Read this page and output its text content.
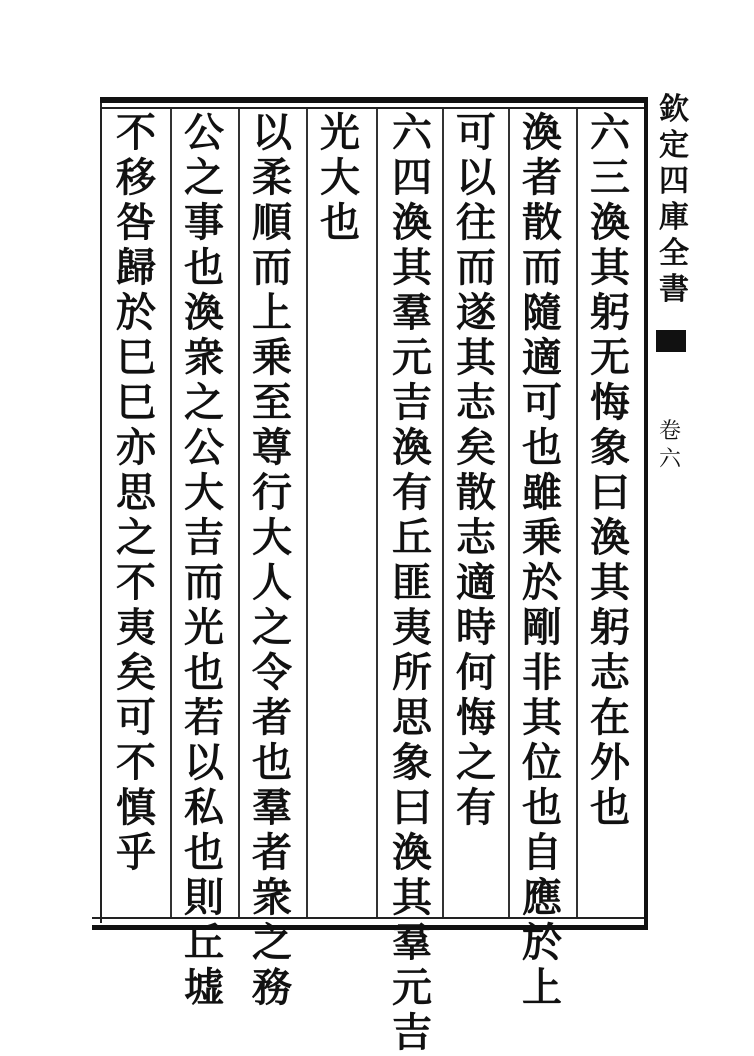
欽
定
四
庫
全
書
卷
六
六
三
渙
其
躬
无
悔
象
曰
渙
其
躬
志
在
外
也
渙
者
散
而
隨
適
可
也
雖
乗
於
剛
非
其
位
也
自
應
於
上
可
以
往
而
遂
其
志
矣
散
志
適
時
何
悔
之
有
六
四
渙
其
羣
元
吉
渙
有
丘
匪
夷
所
思
象
曰
渙
其
羣
元
吉
光
大
也
以
柔
順
而
上
乗
至
尊
行
大
人
之
令
者
也
羣
者
衆
之
務
公
之
事
也
渙
衆
之
公
大
吉
而
光
也
若
以
私
也
則
丘
墟
不
移
咎
歸
於
巳
巳
亦
思
之
不
夷
矣
可
不
慎
乎
